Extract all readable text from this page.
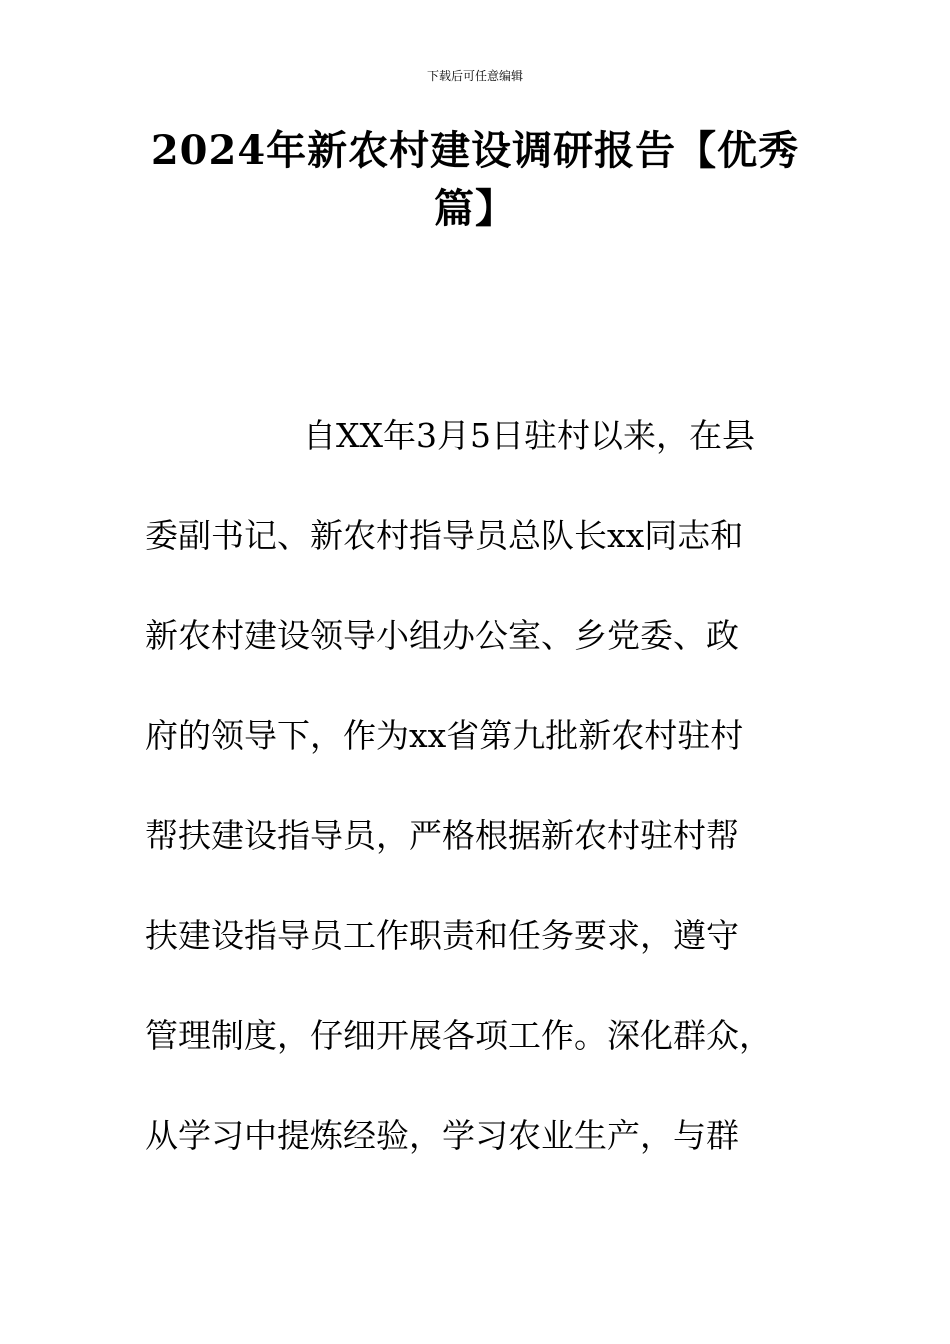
下载后可任意编辑
2024年新农村建设调研报告【优秀
篇】
自XX年3月5日驻村以来，在县
委副书记、新农村指导员总队长xx同志和
新农村建设领导小组办公室、乡党委、政
府的领导下，作为xx省第九批新农村驻村
帮扶建设指导员，严格根据新农村驻村帮
扶建设指导员工作职责和任务要求，遵守
管理制度，仔细开展各项工作。深化群众，
从学习中提炼经验，学习农业生产，与群
